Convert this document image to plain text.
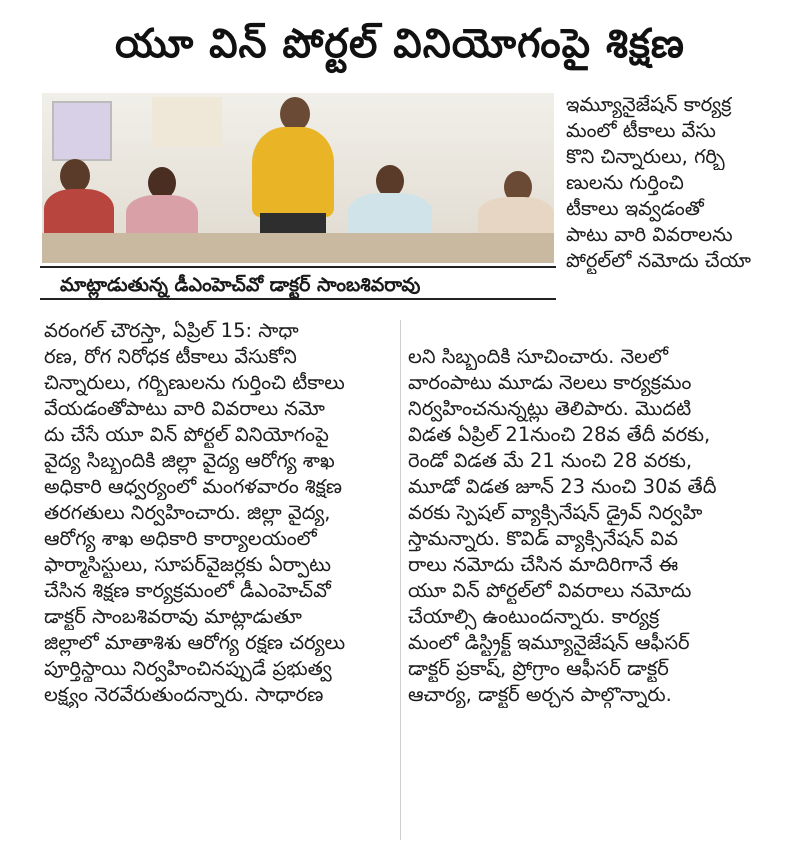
యూ విన్ పోర్టల్ వినియోగంపై శిక్షణ
మాట్లాడుతున్న డీఎంహెచ్‌వో డాక్టర్ సాంబశివరావు

ఇమ్యూనైజేషన్ కార్యక్ర

మంలో టీకాలు వేసు

కొని చిన్నారులు, గర్భి

ణులను గుర్తించి

టీకాలు ఇవ్వడంతో

పాటు వారి వివరాలను

పోర్టల్‌లో నమోదు చేయా

వరంగల్ చౌరస్తా, ఏప్రిల్ 15: సాధా

రణ, రోగ నిరోధక టీకాలు వేసుకోని

చిన్నారులు, గర్భిణులను గుర్తించి టీకాలు

వేయడంతోపాటు వారి వివరాలు నమో

దు చేసే యూ విన్ పోర్టల్ వినియోగంపై

వైద్య సిబ్బందికి జిల్లా వైద్య ఆరోగ్య శాఖ

అధికారి ఆధ్వర్యంలో మంగళవారం శిక్షణ

తరగతులు నిర్వహించారు. జిల్లా వైద్య,

ఆరోగ్య శాఖ అధికారి కార్యాలయంలో

ఫార్మాసిస్టులు, సూపర్‌వైజర్లకు ఏర్పాటు

చేసిన శిక్షణ కార్యక్రమంలో డీఎంహెచ్‌వో

డాక్టర్ సాంబశివరావు మాట్లాడుతూ

జిల్లాలో మాతాశిశు ఆరోగ్య రక్షణ చర్యలు

పూర్తిస్థాయి నిర్వహించినప్పుడే ప్రభుత్వ

లక్ష్యం నెరవేరుతుందన్నారు. సాధారణ

లని సిబ్బందికి సూచించారు. నెలలో

వారంపాటు మూడు నెలలు కార్యక్రమం

నిర్వహించనున్నట్లు తెలిపారు. మొదటి

విడత ఏప్రిల్ 21నుంచి 28వ తేదీ వరకు,

రెండో విడత మే 21 నుంచి 28 వరకు,

మూడో విడత జూన్ 23 నుంచి 30వ తేదీ

వరకు స్పెషల్ వ్యాక్సినేషన్ డ్రైవ్ నిర్వహి

స్తామన్నారు. కొవిడ్ వ్యాక్సినేషన్ వివ

రాలు నమోదు చేసిన మాదిరిగానే ఈ

యూ విన్ పోర్టల్‌లో వివరాలు నమోదు

చేయాల్సి ఉంటుందన్నారు. కార్యక్ర

మంలో డిస్ట్రిక్ట్ ఇమ్యూనైజేషన్ ఆఫీసర్

డాక్టర్ ప్రకాష్, ప్రోగ్రాం ఆఫీసర్ డాక్టర్

ఆచార్య, డాక్టర్ అర్చన పాల్గొన్నారు.
